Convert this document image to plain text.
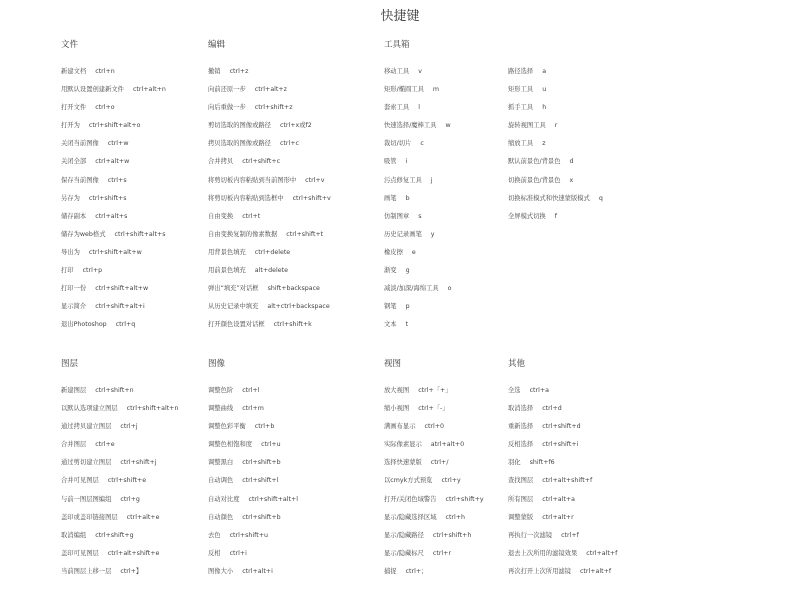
快捷键
文件
新建文档 ctrl+n
用默认设置创建新文件 ctrl+alt+n
打开文件 ctrl+o
打开为 ctrl+shift+alt+o
关闭当前图像 ctrl+w
关闭全部 ctrl+alt+w
保存当前图像 ctrl+s
另存为 ctrl+shift+s
储存副本 ctrl+alt+s
储存为web格式 ctrl+shift+alt+s
导出为 ctrl+shift+alt+w
打印 ctrl+p
打印一份 ctrl+shift+alt+w
显示简介 ctrl+shift+alt+i
退出Photoshop ctrl+q
编辑
撤销 ctrl+z
向前还原一步 ctrl+alt+z
向后重做一步 ctrl+shift+z
剪切选取的图像或路径 ctrl+x或f2
拷贝选取的图像或路径 ctrl+c
合并拷贝 ctrl+shift+c
将剪切板内容粘贴到当前图形中 ctrl+v
将剪切板内容粘贴到选框中 ctrl+shift+v
自由变换 ctrl+t
自由变换复制的像素数据 ctrl+shift+t
用背景色填充 ctrl+delete
用前景色填充 alt+delete
弹出“填充”对话框 shift+backspace
从历史记录中填充 alt+ctrl+backspace
打开颜色设置对话框 ctrl+shift+k
工具箱
移动工具 v
矩形/椭圆工具 m
套索工具 l
快速选择/魔棒工具 w
裁切/切片 c
吸管 i
污点修复工具 j
画笔 b
仿制图章 s
历史记录画笔 y
橡皮擦 e
渐变 g
减淡/加深/海绵工具 o
钢笔 p
文本 t
路径选择 a
矩形工具 u
抓手工具 h
旋转视图工具 r
缩放工具 z
默认前景色/背景色 d
切换前景色/背景色 x
切换标准模式和快速蒙版模式 q
全屏模式切换 f
图层
新建图层 ctrl+shift+n
以默认选项建立图层 ctrl+shift+alt+n
通过拷贝建立图层 ctrl+j
合并图层 ctrl+e
通过剪切建立图层 ctrl+shift+j
合并可见图层 ctrl+shift+e
与前一图层图编组 ctrl+g
盖印或盖印链接图层 ctrl+alt+e
取消编组 ctrl+shift+g
盖印可见图层 ctrl+alt+shift+e
当前图层上移一层 ctrl+】
图像
调整色阶 ctrl+l
调整曲线 ctrl+m
调整色彩平衡 ctrl+b
调整色相饱和度 ctrl+u
调整黑白 ctrl+shift+b
自动调色 ctrl+shift+l
自动对比度 ctrl+shift+alt+l
自动颜色 ctrl+shift+b
去色 ctrl+shift+u
反相 ctrl+i
图像大小 ctrl+alt+i
视图
放大视图 ctrl+「+」
缩小视图 ctrl+「-」
满画布显示 ctrl+0
实际像素显示 atrl+alt+0
选择快速蒙版 ctrl+/
以cmyk方式预览 ctrl+y
打开/关闭色域警告 ctrl+shift+y
显示/隐藏选择区域 ctrl+h
显示/隐藏路径 ctrl+shift+h
显示/隐藏标尺 ctrl+r
捕捉 ctrl+；
其他
全选 ctrl+a
取消选择 ctrl+d
重新选择 ctrl+shift+d
反相选择 ctrl+shift+i
羽化 shift+f6
查找图层 ctrl+alt+shift+f
所有图层 ctrl+alt+a
调整蒙版 ctrl+alt+r
再执行一次滤镜 ctrl+f
退去上次所用的滤镜效果 ctrl+alt+f
再次打开上次所用滤镜 ctrl+alt+f
